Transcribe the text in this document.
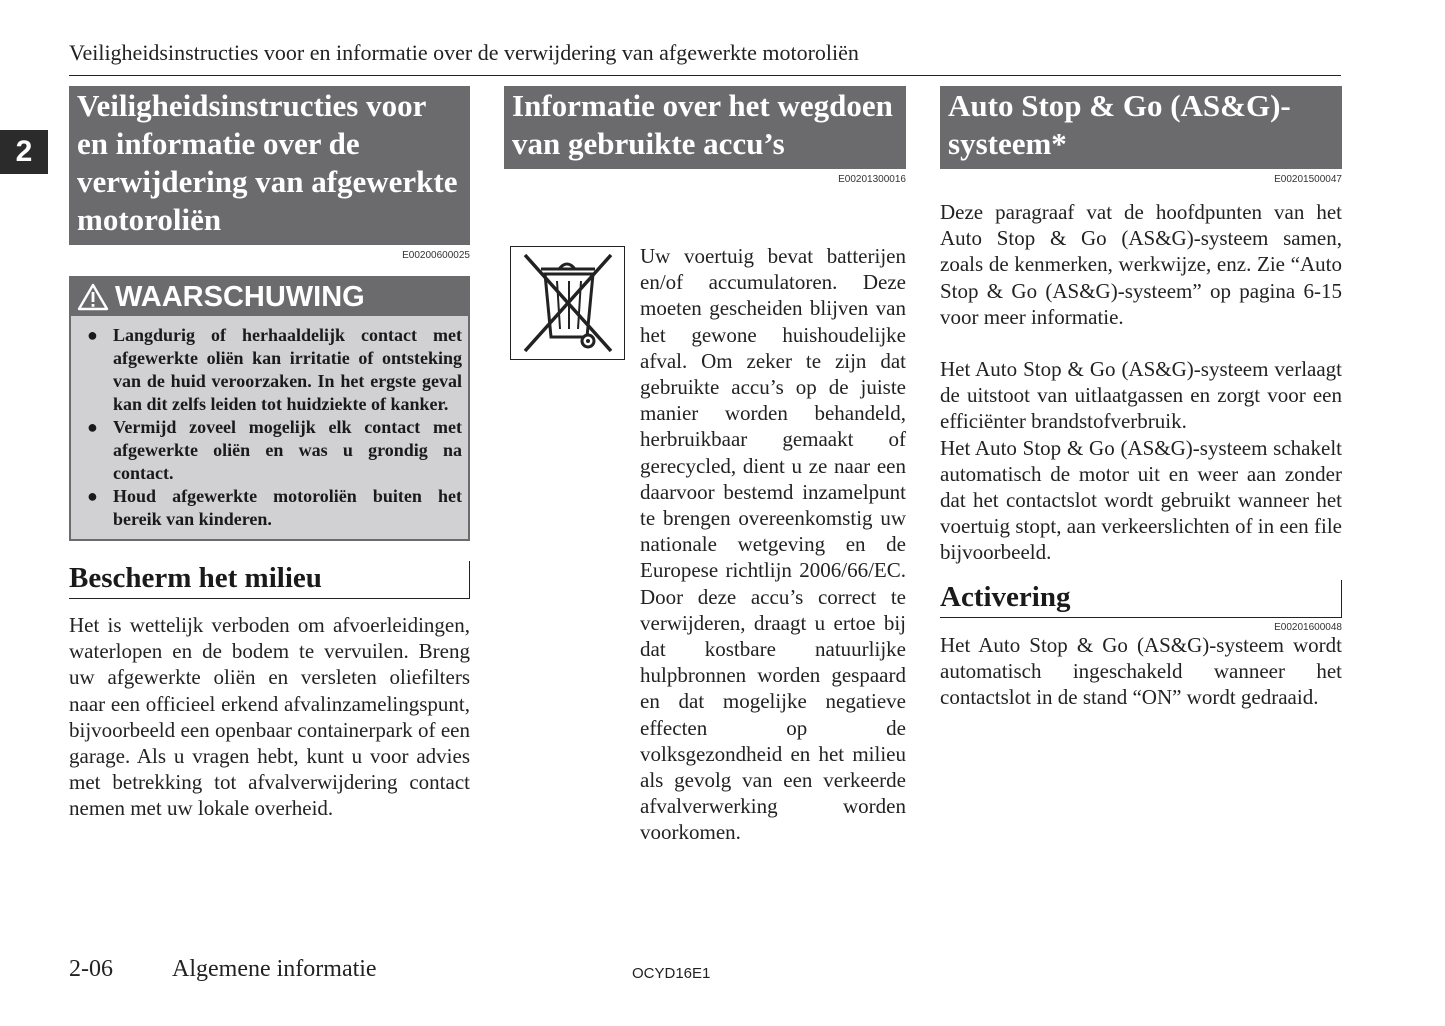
Veiligheidsinstructies voor en informatie over de verwijdering van afgewerkte motoroliën
2
Veiligheidsinstructies voor en informatie over de verwijdering van afgewerkte motoroliën
E00200600025
WAARSCHUWING
● Langdurig of herhaaldelijk contact met afgewerkte oliën kan irritatie of ontsteking van de huid veroorzaken. In het ergste geval kan dit zelfs leiden tot huidziekte of kanker.
● Vermijd zoveel mogelijk elk contact met afgewerkte oliën en was u grondig na contact.
● Houd afgewerkte motoroliën buiten het bereik van kinderen.
Bescherm het milieu

Het is wettelijk verboden om afvoerleidingen, waterlopen en de bodem te vervuilen. Breng uw afgewerkte oliën en versleten oliefilters naar een officieel erkend afvalinzamelingspunt, bijvoorbeeld een openbaar containerpark of een garage. Als u vragen hebt, kunt u voor advies met betrekking tot afvalverwijdering contact nemen met uw lokale overheid.

Informatie over het wegdoen van gebruikte accu’s
E00201300016

Uw voertuig bevat batterijen en/of accumulatoren. Deze moeten gescheiden blijven van het gewone huishoudelijke afval. Om zeker te zijn dat gebruikte accu’s op de juiste manier worden behandeld, herbruikbaar gemaakt of gerecycled, dient u ze naar een daarvoor bestemd inzamelpunt te brengen overeenkomstig uw nationale wetgeving en de Europese richtlijn 2006/66/EC. Door deze accu’s correct te verwijderen, draagt u ertoe bij dat kostbare natuurlijke hulpbronnen worden gespaard en dat mogelijke negatieve effecten op de volksgezondheid en het milieu als gevolg van een verkeerde afvalverwerking worden voorkomen.

Auto Stop & Go (AS&G)-systeem*
E00201500047

Deze paragraaf vat de hoofdpunten van het Auto Stop & Go (AS&G)-systeem samen, zoals de kenmerken, werkwijze, enz. Zie “Auto Stop & Go (AS&G)-systeem” op pagina 6-15 voor meer informatie.

Het Auto Stop & Go (AS&G)-systeem verlaagt de uitstoot van uitlaatgassen en zorgt voor een efficiënter brandstofverbruik.

Het Auto Stop & Go (AS&G)-systeem schakelt automatisch de motor uit en weer aan zonder dat het contactslot wordt gebruikt wanneer het voertuig stopt, aan verkeerslichten of in een file bijvoorbeeld.

Activering
E00201600048

Het Auto Stop & Go (AS&G)-systeem wordt automatisch ingeschakeld wanneer het contactslot in de stand “ON” wordt gedraaid.

2-06 Algemene informatie	OCYD16E1
